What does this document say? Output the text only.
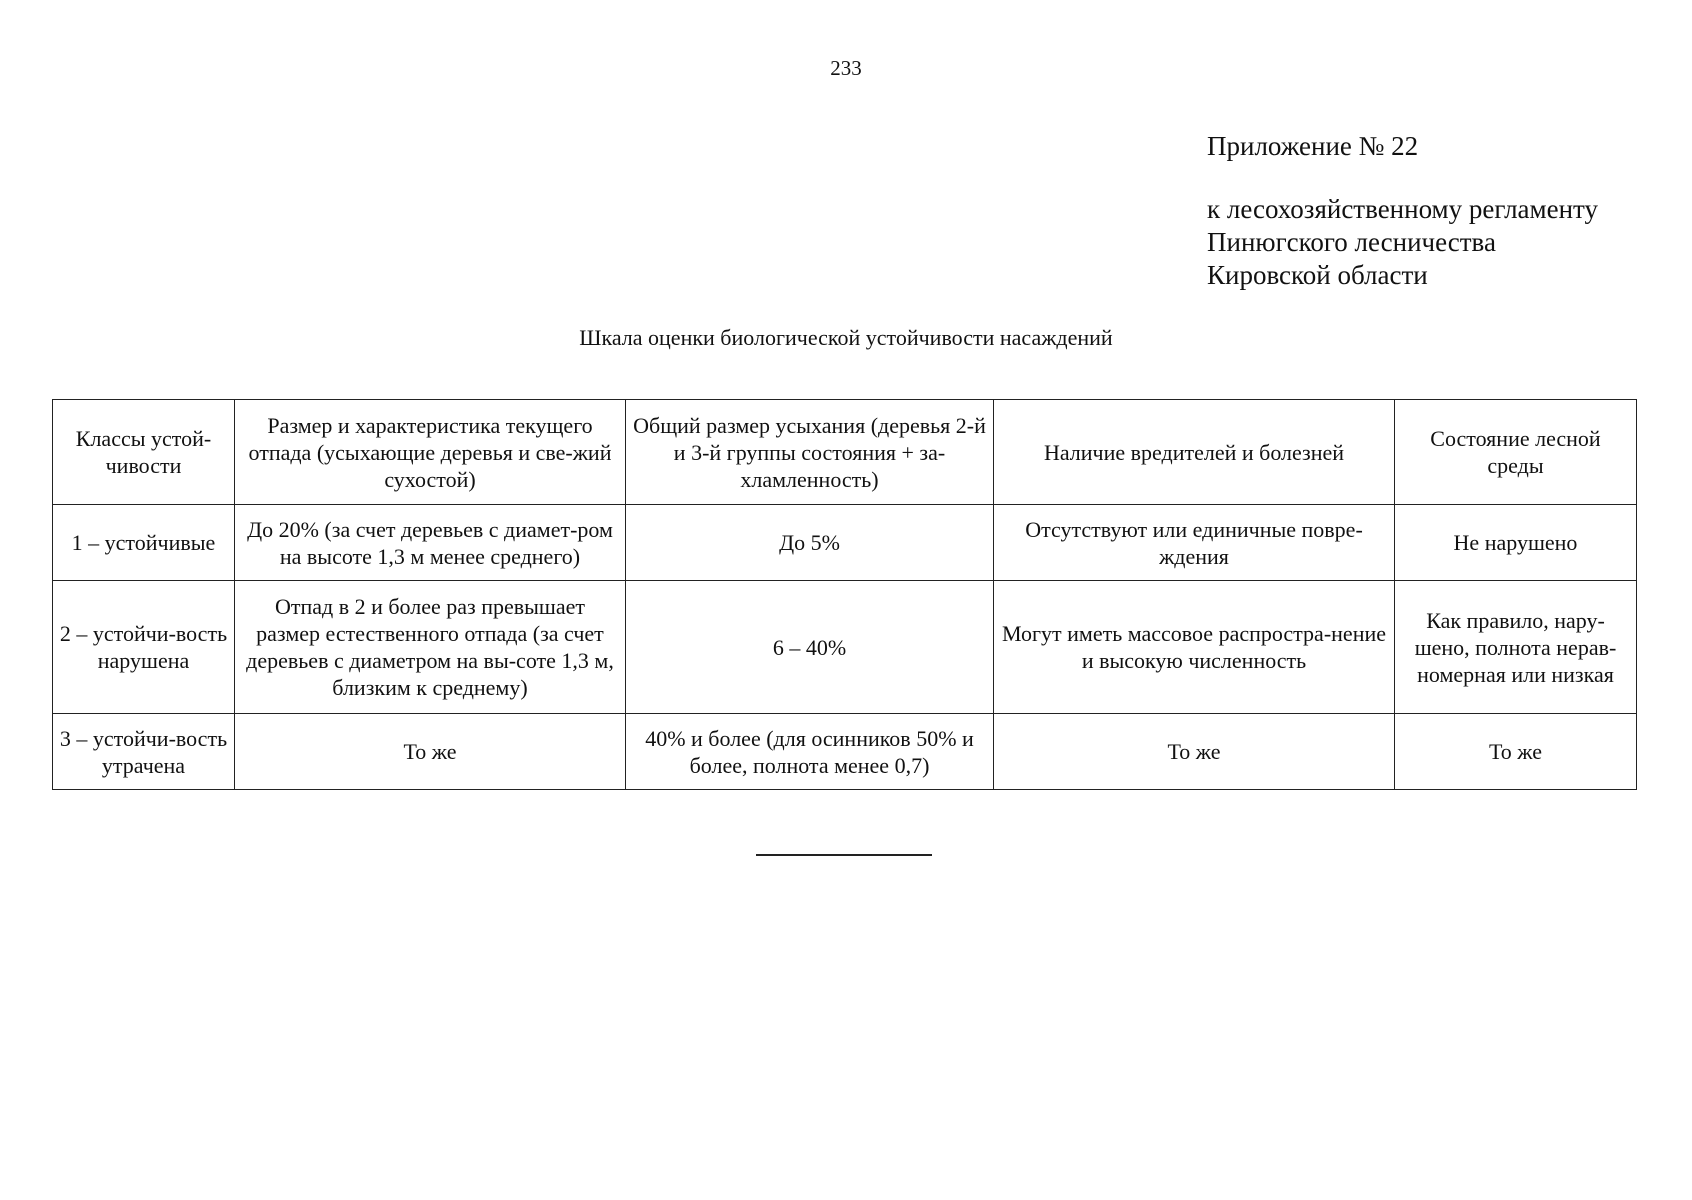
233
Приложение № 22
к лесохозяйственному регламенту
Пинюгского лесничества
Кировской области
Шкала оценки биологической устойчивости насаждений
Классы устой-чивости	Размер и характеристика текущего отпада (усыхающие деревья и све-жий сухостой)	Общий размер усыхания (деревья 2-й и 3-й группы состояния + за-хламленность)	Наличие вредителей и болезней	Состояние лесной среды
1 – устойчивые	До 20% (за счет деревьев с диамет-ром на высоте 1,3 м менее среднего)	До 5%	Отсутствуют или единичные повре-ждения	Не нарушено
2 – устойчи-вость нарушена	Отпад в 2 и более раз превышает размер естественного отпада (за счет деревьев с диаметром на вы-соте 1,3 м, близким к среднему)	6 – 40%	Могут иметь массовое распростра-нение и высокую численность	Как правило, нару-шено, полнота нерав-номерная или низкая
3 – устойчи-вость утрачена	То же	40% и более (для осинников 50% и более, полнота менее 0,7)	То же	То же
